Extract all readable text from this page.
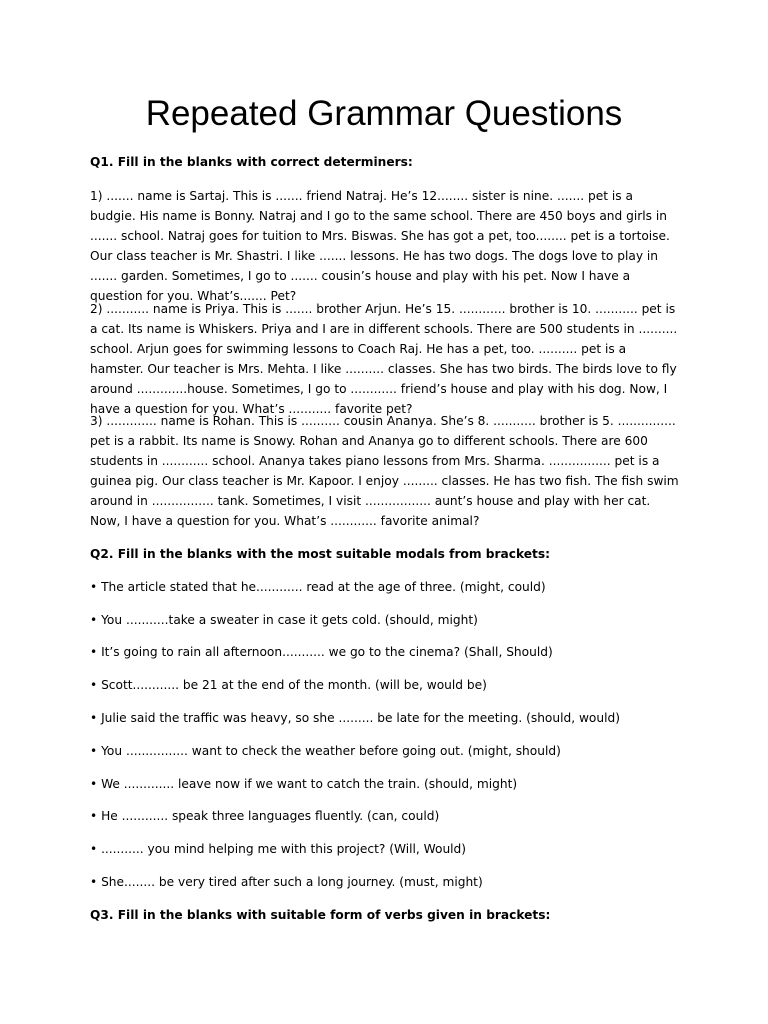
Repeated Grammar Questions

Q1. Fill in the blanks with correct determiners:

1) ....... name is Sartaj. This is ....... friend Natraj. He’s 12........ sister is nine. ....... pet is a budgie. His name is Bonny. Natraj and I go to the same school. There are 450 boys and girls in ....... school. Natraj goes for tuition to Mrs. Biswas. She has got a pet, too........ pet is a tortoise. Our class teacher is Mr. Shastri. I like ....... lessons. He has two dogs. The dogs love to play in ....... garden. Sometimes, I go to ....... cousin’s house and play with his pet. Now I have a question for you. What’s....... Pet?

2) ........... name is Priya. This is ....... brother Arjun. He’s 15. ............ brother is 10. ........... pet is a cat. Its name is Whiskers. Priya and I are in different schools. There are 500 students in .......... school. Arjun goes for swimming lessons to Coach Raj. He has a pet, too. .......... pet is a hamster. Our teacher is Mrs. Mehta. I like .......... classes. She has two birds. The birds love to fly around .............house. Sometimes, I go to ............ friend’s house and play with his dog. Now, I have a question for you. What’s ........... favorite pet?

3) ............. name is Rohan. This is .......... cousin Ananya. She’s 8. ........... brother is 5. ............... pet is a rabbit. Its name is Snowy. Rohan and Ananya go to different schools. There are 600 students in ............ school. Ananya takes piano lessons from Mrs. Sharma. ................ pet is a guinea pig. Our class teacher is Mr. Kapoor. I enjoy ......... classes. He has two fish. The fish swim around in ................ tank. Sometimes, I visit ................. aunt’s house and play with her cat. Now, I have a question for you. What’s ............ favorite animal?

Q2. Fill in the blanks with the most suitable modals from brackets:

• The article stated that he............ read at the age of three. (might, could)

• You ...........take a sweater in case it gets cold. (should, might)

• It’s going to rain all afternoon........... we go to the cinema? (Shall, Should)

• Scott............ be 21 at the end of the month. (will be, would be)

• Julie said the traffic was heavy, so she ......... be late for the meeting. (should, would)

• You ................ want to check the weather before going out. (might, should)

• We ............. leave now if we want to catch the train. (should, might)

• He ............ speak three languages fluently. (can, could)

• ........... you mind helping me with this project? (Will, Would)

• She........ be very tired after such a long journey. (must, might)

Q3. Fill in the blanks with suitable form of verbs given in brackets:
